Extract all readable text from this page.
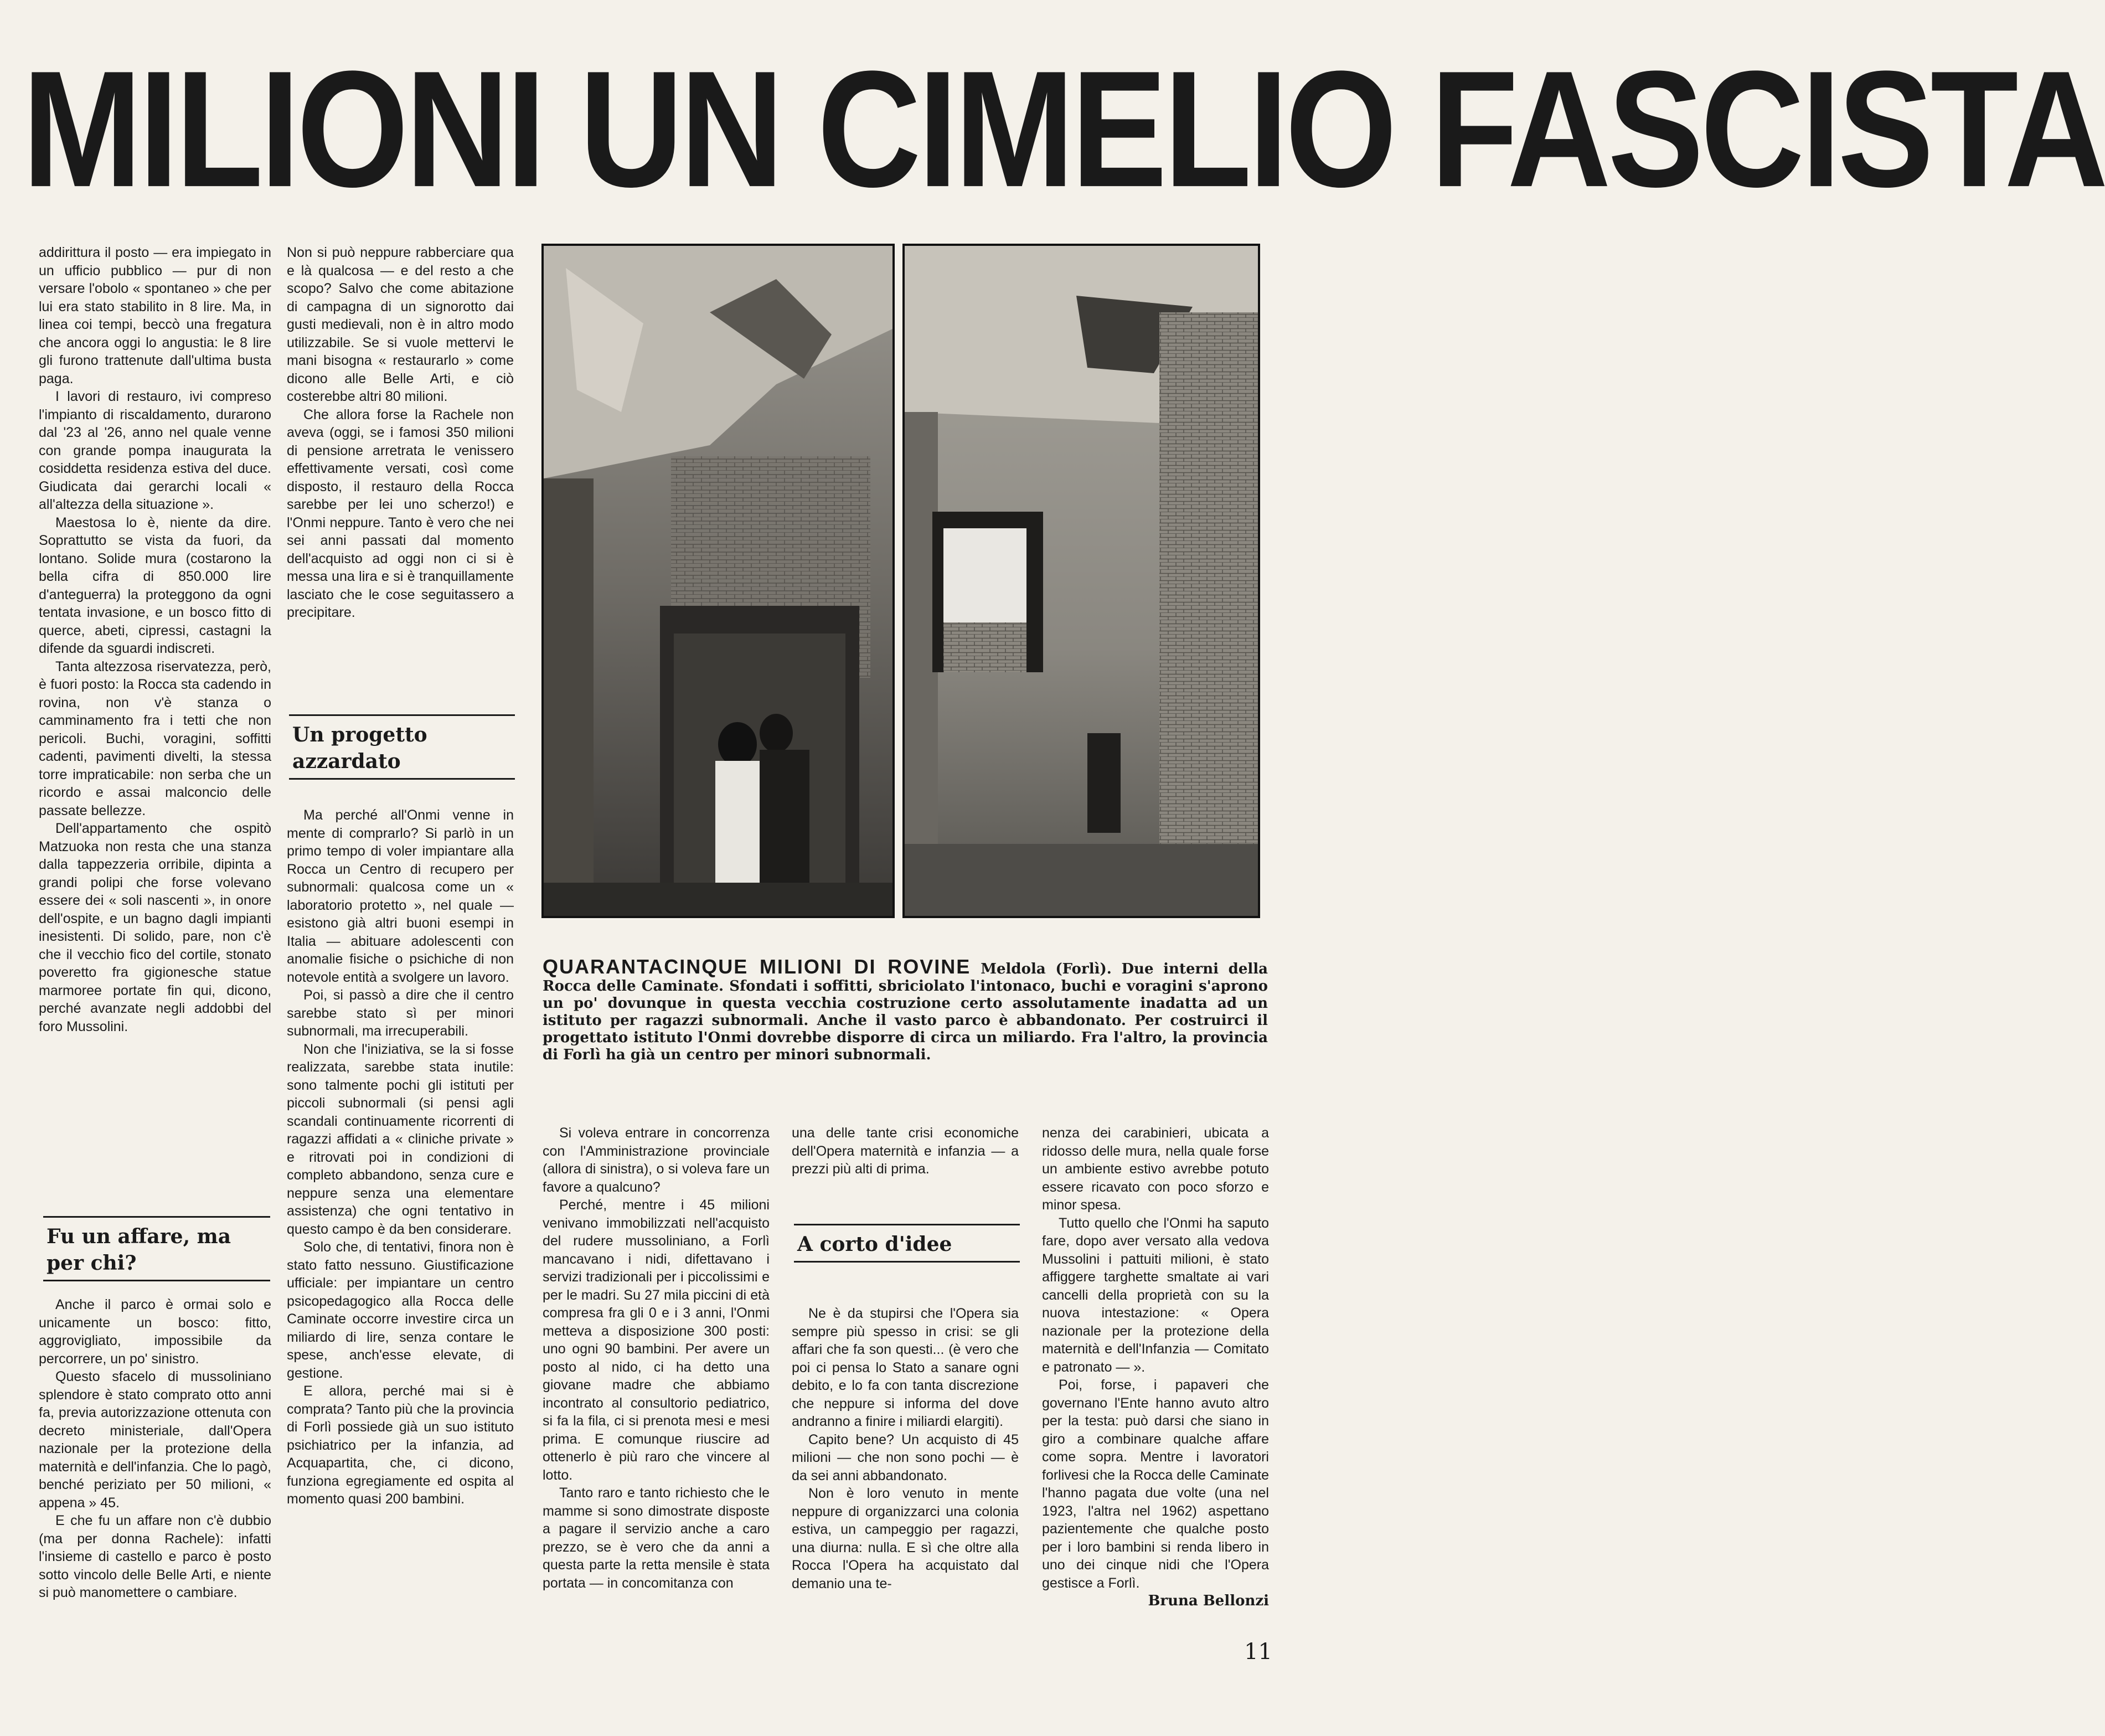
MILIONI UN CIMELIO FASCISTA

addirittura il posto — era impiegato in un ufficio pubblico — pur di non versare l'obolo « spontaneo » che per lui era stato stabilito in 8 lire. Ma, in linea coi tempi, beccò una fregatura che ancora oggi lo angustia: le 8 lire gli furono trattenute dall'ultima busta paga.

I lavori di restauro, ivi compreso l'impianto di riscaldamento, durarono dal '23 al '26, anno nel quale venne con grande pompa inaugurata la cosiddetta residenza estiva del duce. Giudicata dai gerarchi locali « all'altezza della situazione ».

Maestosa lo è, niente da dire. Soprattutto se vista da fuori, da lontano. Solide mura (costarono la bella cifra di 850.000 lire d'anteguerra) la proteggono da ogni tentata invasione, e un bosco fitto di querce, abeti, cipressi, castagni la difende da sguardi indiscreti.

Tanta altezzosa riservatezza, però, è fuori posto: la Rocca sta cadendo in rovina, non v'è stanza o camminamento fra i tetti che non pericoli. Buchi, voragini, soffitti cadenti, pavimenti divelti, la stessa torre impraticabile: non serba che un ricordo e assai malconcio delle passate bellezze.

Dell'appartamento che ospitò Matzuoka non resta che una stanza dalla tappezzeria orribile, dipinta a grandi polipi che forse volevano essere dei « soli nascenti », in onore dell'ospite, e un bagno dagli impianti inesistenti. Di solido, pare, non c'è che il vecchio fico del cortile, stonato poveretto fra gigionesche statue marmoree portate fin qui, dicono, perché avanzate negli addobbi del foro Mussolini.

Fu un affare, ma per chi?

Anche il parco è ormai solo e unicamente un bosco: fitto, aggrovigliato, impossibile da percorrere, un po' sinistro.

Questo sfacelo di mussoliniano splendore è stato comprato otto anni fa, previa autorizzazione ottenuta con decreto ministeriale, dall'Opera nazionale per la protezione della maternità e dell'infanzia. Che lo pagò, benché periziato per 50 milioni, « appena » 45.

E che fu un affare non c'è dubbio (ma per donna Rachele): infatti l'insieme di castello e parco è posto sotto vincolo delle Belle Arti, e niente si può manomettere o cambiare.

Non si può neppure rabberciare qua e là qualcosa — e del resto a che scopo? Salvo che come abitazione di campagna di un signorotto dai gusti medievali, non è in altro modo utilizzabile. Se si vuole mettervi le mani bisogna « restaurarlo » come dicono alle Belle Arti, e ciò costerebbe altri 80 milioni.

Che allora forse la Rachele non aveva (oggi, se i famosi 350 milioni di pensione arretrata le venissero effettivamente versati, così come disposto, il restauro della Rocca sarebbe per lei uno scherzo!) e l'Onmi neppure. Tanto è vero che nei sei anni passati dal momento dell'acquisto ad oggi non ci si è messa una lira e si è tranquillamente lasciato che le cose seguitassero a precipitare.

Un progetto azzardato

Ma perché all'Onmi venne in mente di comprarlo? Si parlò in un primo tempo di voler impiantare alla Rocca un Centro di recupero per subnormali: qualcosa come un « laboratorio protetto », nel quale — esistono già altri buoni esempi in Italia — abituare adolescenti con anomalie fisiche o psichiche di non notevole entità a svolgere un lavoro.

Poi, si passò a dire che il centro sarebbe stato sì per minori subnormali, ma irrecuperabili.

Non che l'iniziativa, se la si fosse realizzata, sarebbe stata inutile: sono talmente pochi gli istituti per piccoli subnormali (si pensi agli scandali continuamente ricorrenti di ragazzi affidati a « cliniche private » e ritrovati poi in condizioni di completo abbandono, senza cure e neppure senza una elementare assistenza) che ogni tentativo in questo campo è da ben considerare.

Solo che, di tentativi, finora non è stato fatto nessuno. Giustificazione ufficiale: per impiantare un centro psicopedagogico alla Rocca delle Caminate occorre investire circa un miliardo di lire, senza contare le spese, anch'esse elevate, di gestione.

E allora, perché mai si è comprata? Tanto più che la provincia di Forlì possiede già un suo istituto psichiatrico per la infanzia, ad Acquapartita, che, ci dicono, funziona egregiamente ed ospita al momento quasi 200 bambini.

QUARANTACINQUE MILIONI DI ROVINE Meldola (Forlì). Due interni della Rocca delle Caminate. Sfondati i soffitti, sbriciolato l'intonaco, buchi e voragini s'aprono un po' dovunque in questa vecchia costruzione certo assolutamente inadatta ad un istituto per ragazzi subnormali. Anche il vasto parco è abbandonato. Per costruirci il progettato istituto l'Onmi dovrebbe disporre di circa un miliardo. Fra l'altro, la provincia di Forlì ha già un centro per minori subnormali.

Si voleva entrare in concorrenza con l'Amministrazione provinciale (allora di sinistra), o si voleva fare un favore a qualcuno?

Perché, mentre i 45 milioni venivano immobilizzati nell'acquisto del rudere mussoliniano, a Forlì mancavano i nidi, difettavano i servizi tradizionali per i piccolissimi e per le madri. Su 27 mila piccini di età compresa fra gli 0 e i 3 anni, l'Onmi metteva a disposizione 300 posti: uno ogni 90 bambini. Per avere un posto al nido, ci ha detto una giovane madre che abbiamo incontrato al consultorio pediatrico, si fa la fila, ci si prenota mesi e mesi prima. E comunque riuscire ad ottenerlo è più raro che vincere al lotto.

Tanto raro e tanto richiesto che le mamme si sono dimostrate disposte a pagare il servizio anche a caro prezzo, se è vero che da anni a questa parte la retta mensile è stata portata — in concomitanza con

una delle tante crisi economiche dell'Opera maternità e infanzia — a prezzi più alti di prima.

A corto d'idee

Ne è da stupirsi che l'Opera sia sempre più spesso in crisi: se gli affari che fa son questi... (è vero che poi ci pensa lo Stato a sanare ogni debito, e lo fa con tanta discrezione che neppure si informa del dove andranno a finire i miliardi elargiti).

Capito bene? Un acquisto di 45 milioni — che non sono pochi — è da sei anni abbandonato.

Non è loro venuto in mente neppure di organizzarci una colonia estiva, un campeggio per ragazzi, una diurna: nulla. E sì che oltre alla Rocca l'Opera ha acquistato dal demanio una te-

nenza dei carabinieri, ubicata a ridosso delle mura, nella quale forse un ambiente estivo avrebbe potuto essere ricavato con poco sforzo e minor spesa.

Tutto quello che l'Onmi ha saputo fare, dopo aver versato alla vedova Mussolini i pattuiti milioni, è stato affiggere targhette smaltate ai vari cancelli della proprietà con su la nuova intestazione: « Opera nazionale per la protezione della maternità e dell'Infanzia — Comitato e patronato — ».

Poi, forse, i papaveri che governano l'Ente hanno avuto altro per la testa: può darsi che siano in giro a combinare qualche affare come sopra. Mentre i lavoratori forlivesi che la Rocca delle Caminate l'hanno pagata due volte (una nel 1923, l'altra nel 1962) aspettano pazientemente che qualche posto per i loro bambini si renda libero in uno dei cinque nidi che l'Opera gestisce a Forlì.

Bruna Bellonzi
11
